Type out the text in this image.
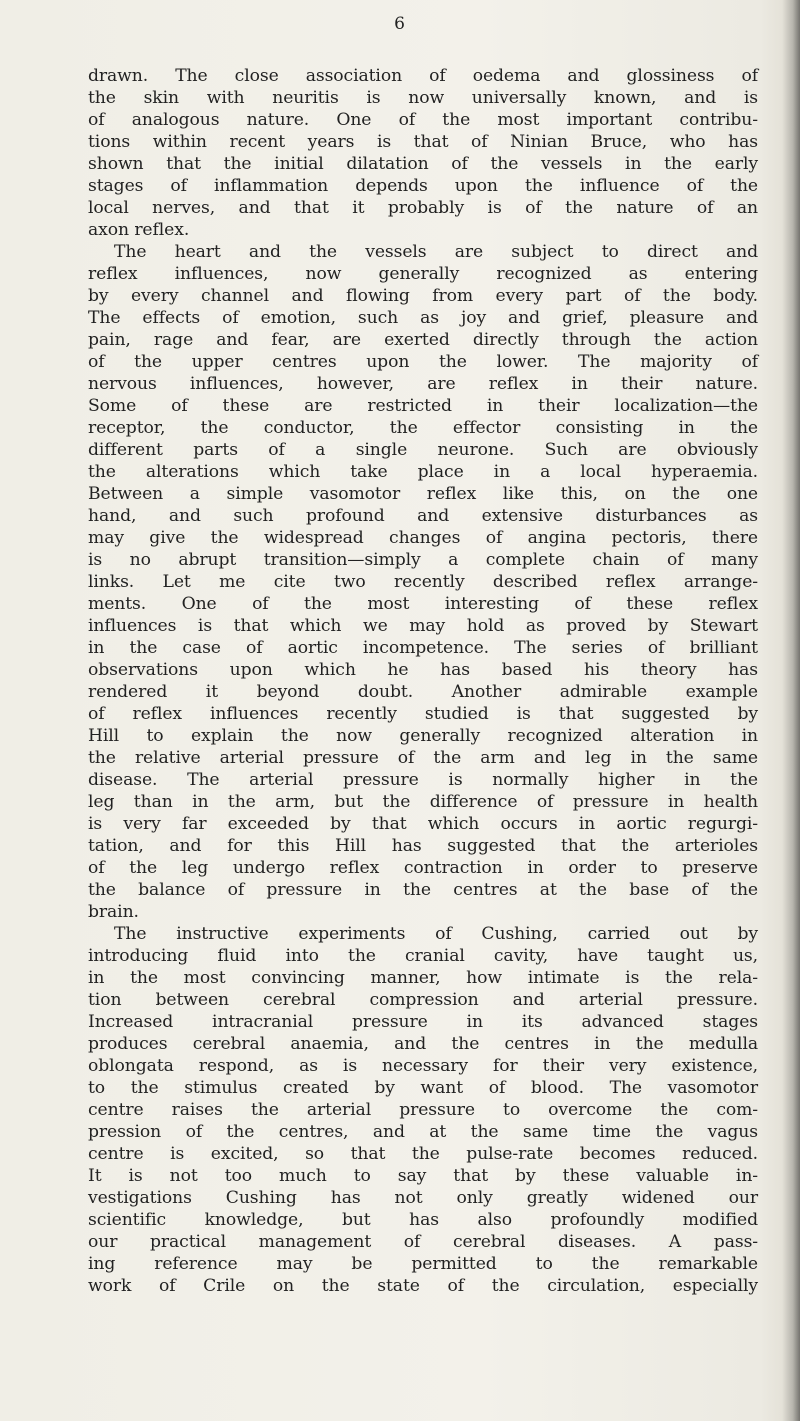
6
drawn. The close association of oedema and glossiness of
the skin with neuritis is now universally known, and is
of analogous nature. One of the most important contribu-
tions within recent years is that of Ninian Bruce, who has
shown that the initial dilatation of the vessels in the early
stages of inflammation depends upon the influence of the
local nerves, and that it probably is of the nature of an
axon reflex.
The heart and the vessels are subject to direct and
reflex influences, now generally recognized as entering
by every channel and flowing from every part of the body.
The effects of emotion, such as joy and grief, pleasure and
pain, rage and fear, are exerted directly through the action
of the upper centres upon the lower. The majority of
nervous influences, however, are reflex in their nature.
Some of these are restricted in their localization—the
receptor, the conductor, the effector consisting in the
different parts of a single neurone. Such are obviously
the alterations which take place in a local hyperaemia.
Between a simple vasomotor reflex like this, on the one
hand, and such profound and extensive disturbances as
may give the widespread changes of angina pectoris, there
is no abrupt transition—simply a complete chain of many
links. Let me cite two recently described reflex arrange-
ments. One of the most interesting of these reflex
influences is that which we may hold as proved by Stewart
in the case of aortic incompetence. The series of brilliant
observations upon which he has based his theory has
rendered it beyond doubt. Another admirable example
of reflex influences recently studied is that suggested by
Hill to explain the now generally recognized alteration in
the relative arterial pressure of the arm and leg in the same
disease. The arterial pressure is normally higher in the
leg than in the arm, but the difference of pressure in health
is very far exceeded by that which occurs in aortic regurgi-
tation, and for this Hill has suggested that the arterioles
of the leg undergo reflex contraction in order to preserve
the balance of pressure in the centres at the base of the
brain.
The instructive experiments of Cushing, carried out by
introducing fluid into the cranial cavity, have taught us,
in the most convincing manner, how intimate is the rela-
tion between cerebral compression and arterial pressure.
Increased intracranial pressure in its advanced stages
produces cerebral anaemia, and the centres in the medulla
oblongata respond, as is necessary for their very existence,
to the stimulus created by want of blood. The vasomotor
centre raises the arterial pressure to overcome the com-
pression of the centres, and at the same time the vagus
centre is excited, so that the pulse-rate becomes reduced.
It is not too much to say that by these valuable in-
vestigations Cushing has not only greatly widened our
scientific knowledge, but has also profoundly modified
our practical management of cerebral diseases. A pass-
ing reference may be permitted to the remarkable
work of Crile on the state of the circulation, especially
